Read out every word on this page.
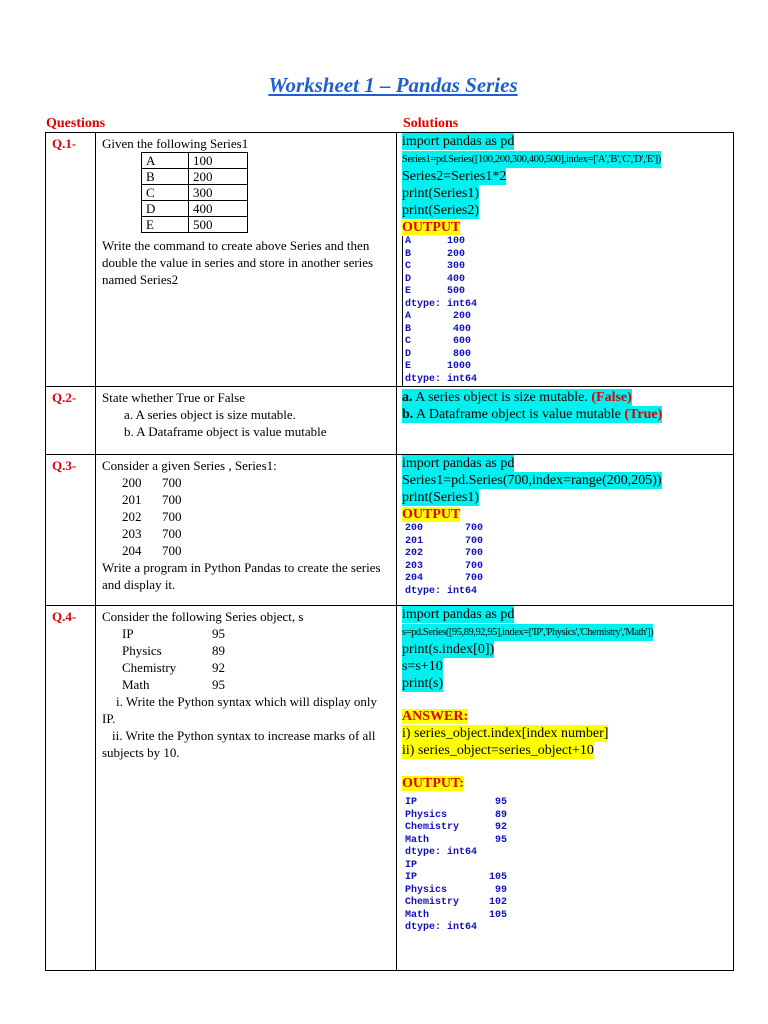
Worksheet 1 – Pandas Series
Questions	Solutions
Q.1-	Given the following Series1
A	100
B	200
C	300
D	400
E	500
Write the command to create above Series and then double the value in series and store in another series named Series2

import pandas as pd
Series1=pd.Series([100,200,300,400,500],index=['A','B','C','D','E'])
Series2=Series1*2
print(Series1)
print(Series2)
OUTPUT
A      100
B      200
C      300
D      400
E      500
dtype: int64
A       200
B       400
C       600
D       800
E      1000
dtype: int64
Q.2-	State whether True or False
a. A series object is size mutable.
b. A Dataframe object is value mutable
	a. A series object is size mutable. (False)
b. A Dataframe object is value mutable (True)
Q.3-	Consider a given Series , Series1:
200 700
201 700
202 700
203 700
204 700
Write a program in Python Pandas to create the series and display it.

import pandas as pd
Series1=pd.Series(700,index=range(200,205))
print(Series1)
OUTPUT
200       700
201       700
202       700
203       700
204       700
dtype: int64

Q.4-	Consider the following Series object, s
IP	95
Physics	89
Chemistry	92
Math	95
i. Write the Python syntax which will display only IP.
ii. Write the Python syntax to increase marks of all subjects by 10.

import pandas as pd
s=pd.Series([95,89,92,95],index=['IP','Physics','Chemistry','Math'])
print(s.index[0])
s=s+10
print(s)
ANSWER:
i) series_object.index[index number]
ii) series_object=series_object+10
OUTPUT:
IP             95
Physics        89
Chemistry      92
Math           95
dtype: int64
IP
IP            105
Physics        99
Chemistry     102
Math          105
dtype: int64
